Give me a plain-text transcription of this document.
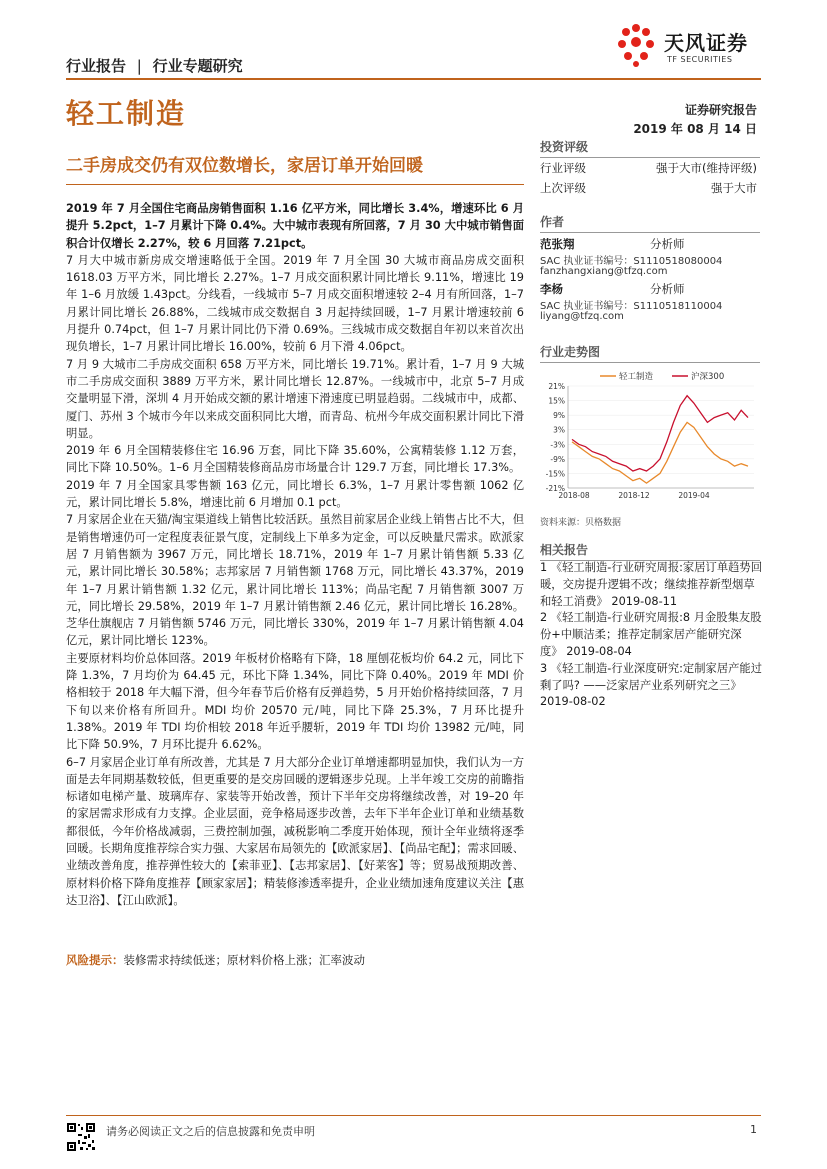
行业报告 | 行业专题研究
天风证券
TF SECURITIES
轻工制造	证券研究报告
2019 年 08 月 14 日
二手房成交仍有双位数增长，家居订单开始回暖

2019 年 7 月全国住宅商品房销售面积 1.16 亿平方米，同比增长 3.4%，增速环比 6 月提升 5.2pct，1–7 月累计下降 0.4%。大中城市表现有所回落，7 月 30 大中城市销售面积合计仅增长 2.27%，较 6 月回落 7.21pct。

7 月大中城市新房成交增速略低于全国。2019 年 7 月全国 30 大城市商品房成交面积 1618.03 万平方米，同比增长 2.27%。1–7 月成交面积累计同比增长 9.11%，增速比 19 年 1–6 月放缓 1.43pct。分线看，一线城市 5–7 月成交面积增速较 2–4 月有所回落，1–7 月累计同比增长 26.88%，二线城市成交数据自 3 月起持续回暖，1–7 月累计增速较前 6 月提升 0.74pct，但 1–7 月累计同比仍下滑 0.69%。三线城市成交数据自年初以来首次出现负增长，1–7 月累计同比增长 16.00%，较前 6 月下滑 4.06pct。

7 月 9 大城市二手房成交面积 658 万平方米，同比增长 19.71%。累计看，1–7 月 9 大城市二手房成交面积 3889 万平方米，累计同比增长 12.87%。一线城市中，北京 5–7 月成交量明显下滑，深圳 4 月开始成交额的累计增速下滑速度已明显趋弱。二线城市中，成都、厦门、苏州 3 个城市今年以来成交面积同比大增，而青岛、杭州今年成交面积累计同比下滑明显。

2019 年 6 月全国精装修住宅 16.96 万套，同比下降 35.60%，公寓精装修 1.12 万套，同比下降 10.50%。1–6 月全国精装修商品房市场量合计 129.7 万套，同比增长 17.3%。

2019 年 7 月全国家具零售额 163 亿元，同比增长 6.3%，1–7 月累计零售额 1062 亿元，累计同比增长 5.8%，增速比前 6 月增加 0.1 pct。

7 月家居企业在天猫/淘宝渠道线上销售比较活跃。虽然目前家居企业线上销售占比不大，但是销售增速仍可一定程度表征景气度，定制线上下单多为定金，可以反映量尺需求。欧派家居 7 月销售额为 3967 万元，同比增长 18.71%，2019 年 1–7 月累计销售额 5.33 亿元，累计同比增长 30.58%；志邦家居 7 月销售额 1768 万元，同比增长 43.37%，2019 年 1–7 月累计销售额 1.32 亿元，累计同比增长 113%；尚品宅配 7 月销售额 3007 万元，同比增长 29.58%，2019 年 1–7 月累计销售额 2.46 亿元，累计同比增长 16.28%。芝华仕旗舰店 7 月销售额 5746 万元，同比增长 330%，2019 年 1–7 月累计销售额 4.04 亿元，累计同比增长 123%。

主要原材料均价总体回落。2019 年板材价格略有下降，18 厘刨花板均价 64.2 元，同比下降 1.3%，7 月均价为 64.45 元，环比下降 1.34%，同比下降 0.40%。2019 年 MDI 价格相较于 2018 年大幅下滑，但今年春节后价格有反弹趋势，5 月开始价格持续回落，7 月下旬以来价格有所回升。MDI 均价 20570 元/吨，同比下降 25.3%，7 月环比提升 1.38%。2019 年 TDI 均价相较 2018 年近乎腰斩，2019 年 TDI 均价 13982 元/吨，同比下降 50.9%，7 月环比提升 6.62%。

6–7 月家居企业订单有所改善，尤其是 7 月大部分企业订单增速都明显加快，我们认为一方面是去年同期基数较低，但更重要的是交房回暖的逻辑逐步兑现。上半年竣工交房的前瞻指标诸如电梯产量、玻璃库存、家装等开始改善，预计下半年交房将继续改善，对 19–20 年的家居需求形成有力支撑。企业层面，竞争格局逐步改善，去年下半年企业订单和业绩基数都很低，今年价格战减弱，三费控制加强，减税影响二季度开始体现，预计全年业绩将逐季回暖。长期角度推荐综合实力强、大家居布局领先的【欧派家居】、【尚品宅配】；需求回暖、业绩改善角度，推荐弹性较大的【索菲亚】、【志邦家居】、【好莱客】等；贸易战预期改善、原材料价格下降角度推荐【顾家家居】；精装修渗透率提升，企业业绩加速角度建议关注【惠达卫浴】、【江山欧派】。

风险提示：装修需求持续低迷；原材料价格上涨；汇率波动
投资评级
行业评级	强于大市(维持评级)
上次评级	强于大市
作者
范张翔	分析师
SAC 执业证书编号：S1110518080004
fanzhangxiang@tfzq.com
李杨	分析师
SAC 执业证书编号：S1110518110004
liyang@tfzq.com
行业走势图
21%
15%
9%
3%
-3%
-9%
-15%
-21%
2018-08	2018-12	2019-04
轻工制造	沪深300
资料来源：贝格数据
相关报告

1 《轻工制造-行业研究周报:家居订单趋势回暖，交房提升逻辑不改；继续推荐新型烟草和轻工消费》 2019-08-11

2 《轻工制造-行业研究周报:8 月金股集友股份+中顺洁柔；推荐定制家居产能研究深度》 2019-08-04

3 《轻工制造-行业深度研究:定制家居产能过剩了吗? ——泛家居产业系列研究之三》 2019-08-02

请务必阅读正文之后的信息披露和免责申明	1
